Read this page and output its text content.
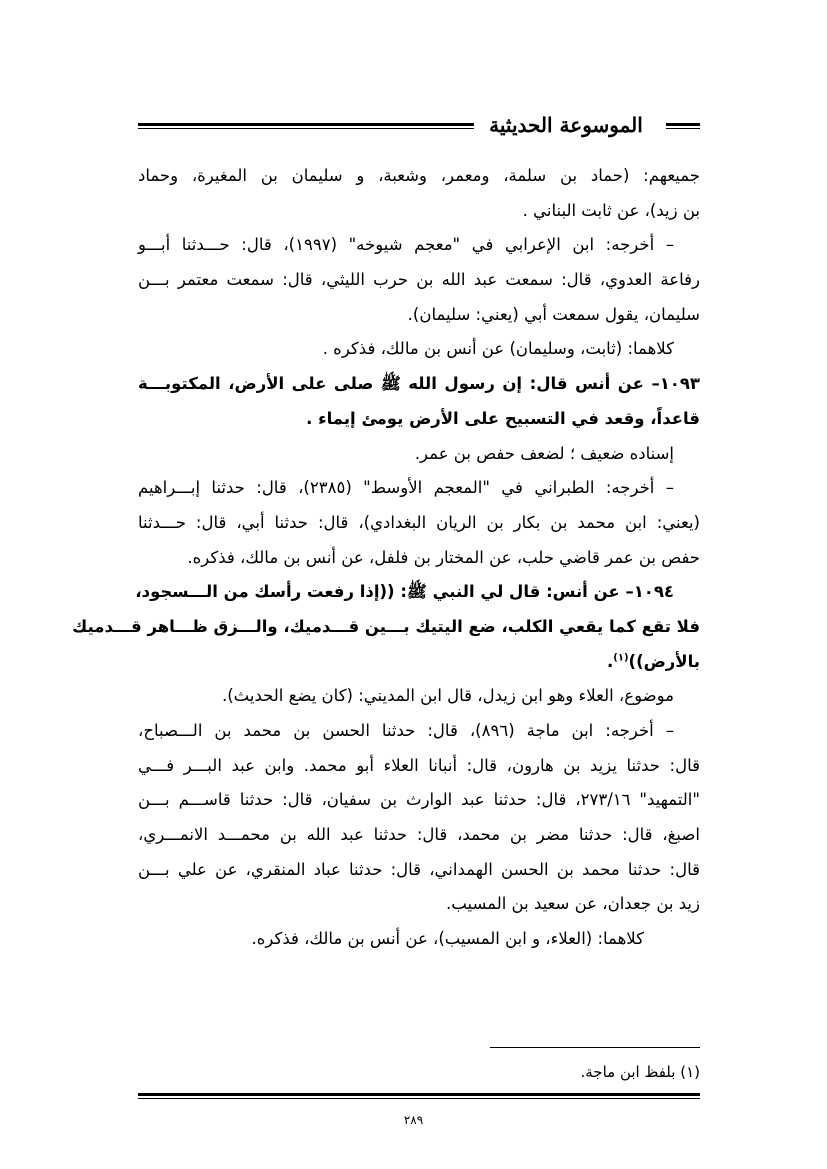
الموسوعة الحديثية
جميعهم: (حماد بن سلمة، ومعمر، وشعبة، و سليمان بن المغيرة، وحماد
بن زيد)، عن ثابت البناني .
– أخرجه: ابن الإعرابي في "معجم شيوخه" (١٩٩٧)، قال: حـــدثنا أبـــو
رفاعة العدوي، قال: سمعت عبد الله بن حرب الليثي، قال: سمعت معتمر بـــن
سليمان، يقول سمعت أبي (يعني: سليمان).
كلاهما: (ثابت، وسليمان) عن أنس بن مالك، فذكره .
١٠٩٣– عن أنس قال: إن رسول الله ﷺ صلى على الأرض، المكتوبـــة
قاعداً، وقعد في التسبيح على الأرض يومئ إيماء .
إسناده ضعيف ؛ لضعف حفص بن عمر.
– أخرجه: الطبراني في "المعجم الأوسط" (٢٣٨٥)، قال: حدثنا إبـــراهيم
(يعني: ابن محمد بن بكار بن الريان البغدادي)، قال: حدثنا أبي، قال: حـــدثنا
حفص بن عمر قاضي حلب، عن المختار بن فلفل، عن أنس بن مالك، فذكره.
١٠٩٤– عن أنس: قال لي النبي ﷺ: ((إذا رفعت رأسك من الـــسجود،
فلا تقع كما يقعي الكلب، ضع اليتيك بـــين قـــدميك، والـــزق ظـــاهر قـــدميك
بالأرض))$^{(١)}$.
موضوع، العلاء وهو ابن زيدل، قال ابن المديني: (كان يضع الحديث).
– أخرجه: ابن ماجة (٨٩٦)، قال: حدثنا الحسن بن محمد بن الـــصباح،
قال: حدثنا يزيد بن هارون، قال: أنبانا العلاء أبو محمد. وابن عبد البـــر فـــي
"التمهيد" ٢٧٣/١٦، قال: حدثنا عبد الوارث بن سفيان، قال: حدثنا قاســـم بـــن
اصبغ، قال: حدثنا مضر بن محمد، قال: حدثنا عبد الله بن محمـــد الانمـــري،
قال: حدثنا محمد بن الحسن الهمداني، قال: حدثنا عباد المنقري، عن علي بـــن
زيد بن جعدان، عن سعيد بن المسيب.
كلاهما: (العلاء، و ابن المسيب)، عن أنس بن مالك، فذكره.
(١) بلفظ ابن ماجة.
٢٨٩
